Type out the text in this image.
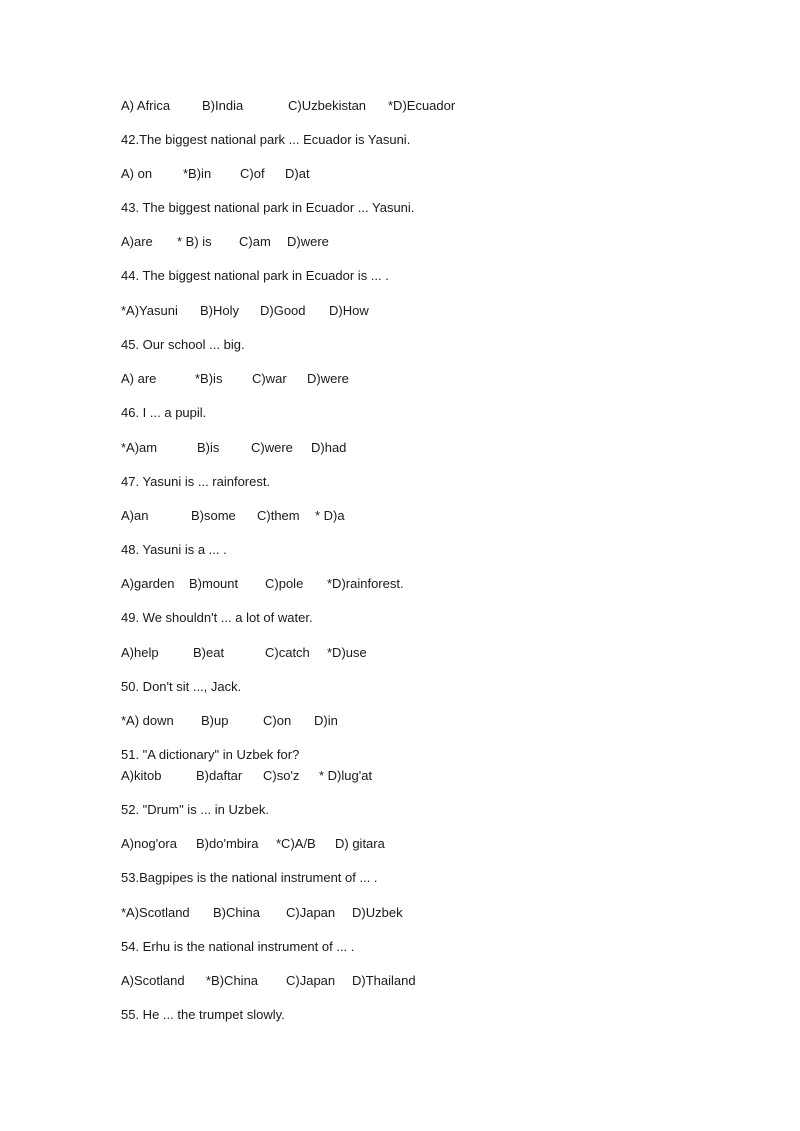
A) Africa B)India	C)Uzbekistan *D)Ecuador
42.The biggest national park ... Ecuador is Yasuni.
A) on *B)in C)of D)at
43. The biggest national park in Ecuador ... Yasuni.
A)are * B) is C)am D)were
44. The biggest national park in Ecuador is ... .
*A)Yasuni B)Holy D)Good D)How
45. Our school ... big.
A) are	*B)is C)war D)were
46. I ... a pupil.
*A)am	B)is C)were D)had
47. Yasuni is ... rainforest.
A)an	B)some C)them * D)a
48. Yasuni is a ... .
A)garden B)mount C)pole *D)rainforest.
49. We shouldn't ... a lot of water.
A)help	B)eat	C)catch *D)use
50. Don't sit ..., Jack.
*A) down B)up	C)on D)in
51. "A dictionary" in Uzbek for?
A)kitob	B)daftar C)so'z * D)lug'at
52. "Drum" is ... in Uzbek.
A)nog'ora B)do'mbira *C)A/B D) gitara
53.Bagpipes is the national instrument of ... .
*A)Scotland B)China C)Japan D)Uzbek
54. Erhu is the national instrument of ... .
A)Scotland *B)China C)Japan D)Thailand
55. He ... the trumpet slowly.
